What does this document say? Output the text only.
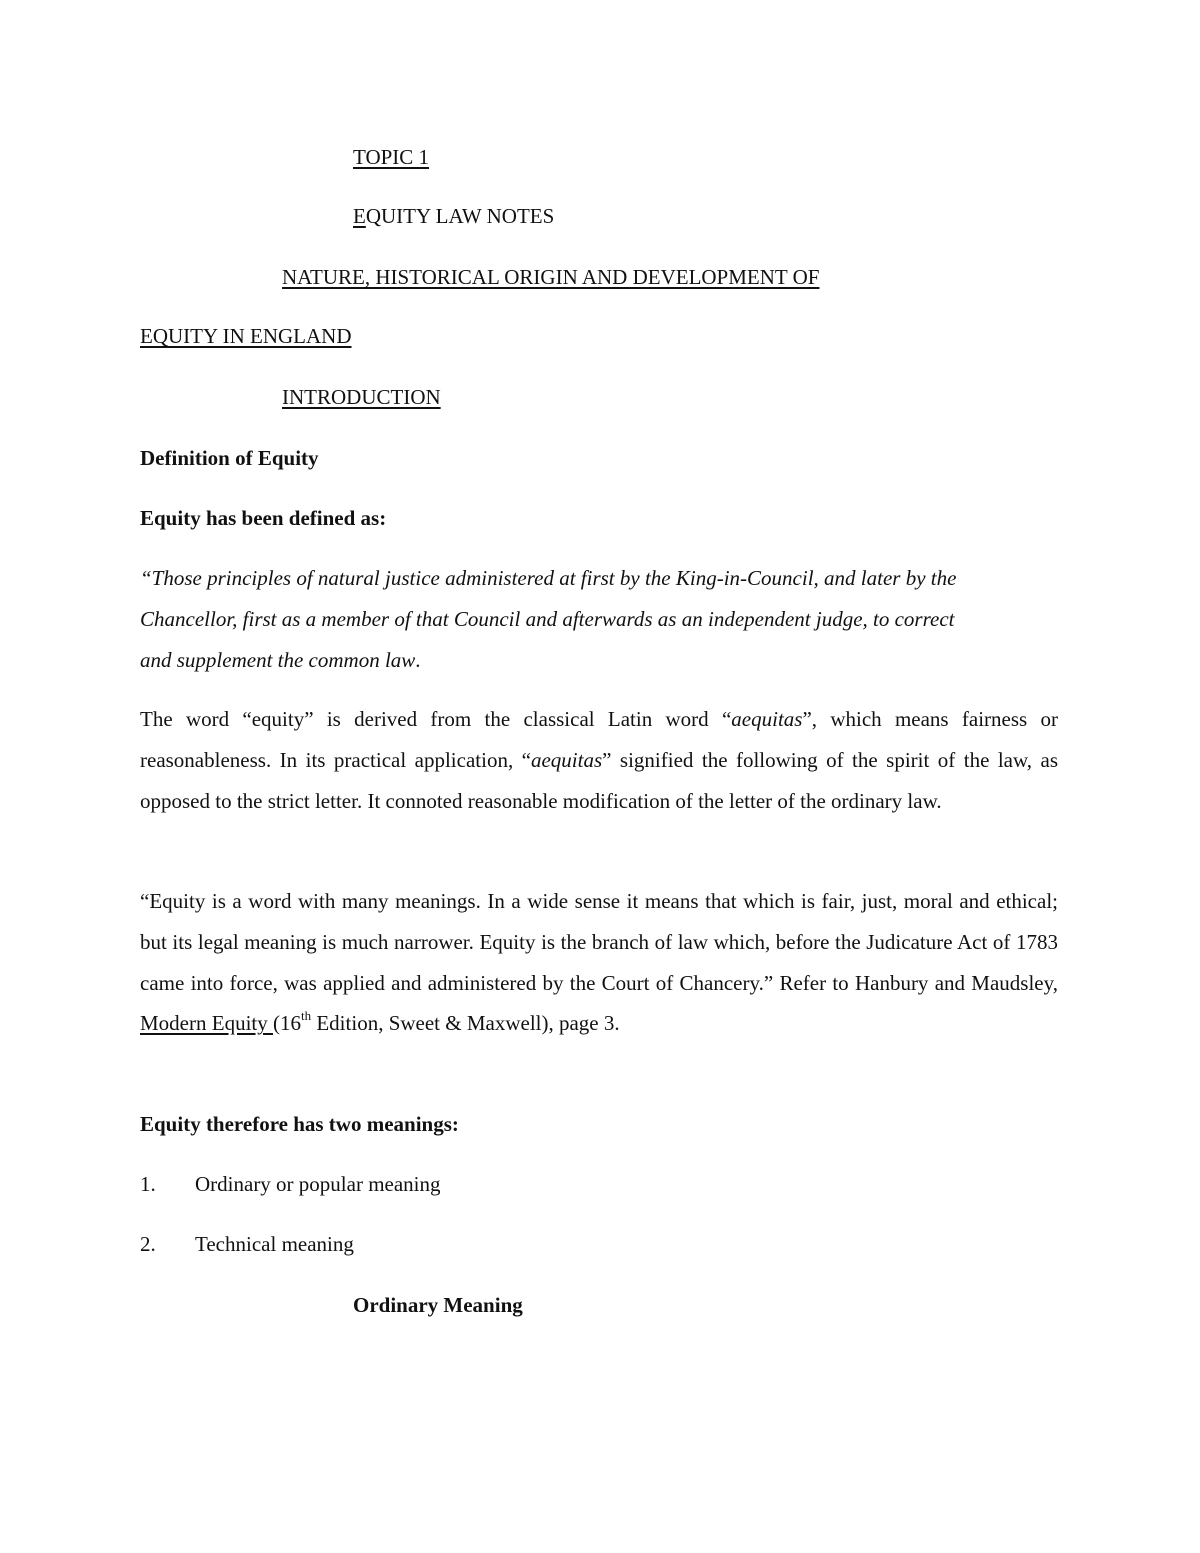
TOPIC 1
EQUITY LAW NOTES
NATURE, HISTORICAL ORIGIN AND DEVELOPMENT OF
EQUITY IN ENGLAND
INTRODUCTION
Definition of Equity
Equity has been defined as:
“Those principles of natural justice administered at first by the King-in-Council, and later by the
Chancellor, first as a member of that Council and afterwards as an independent judge, to correct
and supplement the common law.
The word “equity” is derived from the classical Latin word “aequitas”, which means fairness or reasonableness. In its practical application, “aequitas” signified the following of the spirit of the law, as opposed to the strict letter. It connoted reasonable modification of the letter of the ordinary law.
“Equity is a word with many meanings. In a wide sense it means that which is fair, just, moral and ethical; but its legal meaning is much narrower. Equity is the branch of law which, before the Judicature Act of 1783 came into force, was applied and administered by the Court of Chancery.” Refer to Hanbury and Maudsley, Modern Equity (16th Edition, Sweet & Maxwell), page 3.
Equity therefore has two meanings:
1. Ordinary or popular meaning
2. Technical meaning
Ordinary Meaning
